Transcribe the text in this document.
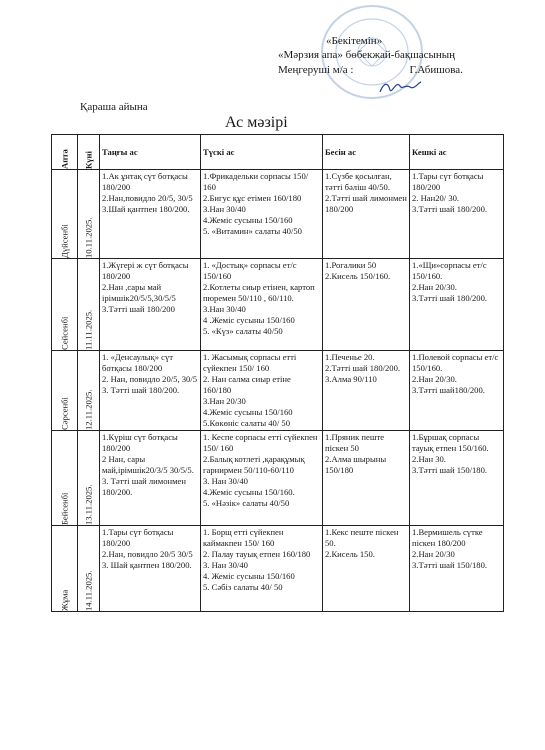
«Бекітемін»
«Мәрзия апа» бөбекжай-бақшасының
Меңгеруші м/а :	Г.Абишова.
Қараша айына
Ас мәзірі
Апта	Күні	Таңғы ас	Түскі ас	Бесін ас	Кешкі ас
Дүйсенбі	10.11.2025.	1.Ак ұнтақ сүт ботқасы 180/200
2.Нан,повидло 20/5, 30/5
3.Шай қантпен 180/200.	1.Фрикадельки сорпасы 150/ 160
2.Бигус құс етімен 160/180
3.Нан 30/40
4.Жеміс сусыны 150/160
5. «Витамин» салаты 40/50	1.Сүзбе қосылған, тәтті бәліш 40/50.
2.Тәтті шай лимонмен 180/200	1.Тары сүт ботқасы 180/200
2. Нан20/ 30.
3.Тәтті шай 180/200.

Сейсенбі	11.11.2025.	1.Жүгері ж сүт ботқасы 180/200
2.Нан ,сары май ірімшік20/5/5,30/5/5
3.Тәтті шай 180/200	1. «Достық» сорпасы ет/с 150/160
2.Котлеты сиыр етінен, картоп пюремен 50/110 , 60/110.
3.Нан 30/40
4 .Жеміс сусыны 150/160
5. «Күз» салаты 40/50	1.Рогалики 50
2.Кисель 150/160.	1.«Щи»сорпасы ет/с 150/160.
2.Нан 20/30.
3.Тәтті шай 180/200.

Сәрсенбі	12.11.2025.	1. «Денсаулық» сүт ботқасы 180/200
2. Нан, повидло 20/5, 30/5
3. Тәтті шай 180/200.	1. Жасымық сорпасы етті сүйекпен 150/ 160
2. Нан салма сиыр етіне 160/180
3.Нан 20/30
4.Жеміс сусыны 150/160
5.Көкөніс салаты 40/ 50	1.Печенье 20.
2.Тәтті шай 180/200.
3.Алма 90/110	1.Полевой сорпасы ет/с 150/160.
2.Нан 20/30.
3.Тәтті шай180/200.

Бейсенбі	13.11.2025.	1.Күріш сүт ботқасы 180/200
2 Нан, сары май,ірімшік20/3/5 30/5/5.
3. Тәтті шай лимонмен 180/200.	1. Кеспе сорпасы етті сүйекпен 150/ 160
2.Балық котлеті ,қарақұмық гарнирмен 50/110-60/110
3. Нан 30/40
4.Жеміс сусыны 150/160.
5. «Нәзік» салаты 40/50	1.Пряник пеште піскен 50
2.Алма шырыны 150/180	1.Бұршақ сорпасы тауық етпен 150/160.
2.Нан 30.
3.Тәтті шай 150/180.

Жұма	14.11.2025.	1.Тары сүт ботқасы 180/200
2.Нан, повидло 20/5 30/5
3. Шай қантпен 180/200.	1. Борщ етті сүйекпен каймакпен 150/ 160
2. Палау тауық етпен 160/180
3. Нан 30/40
4. Жеміс сусыны 150/160
5. Сәбіз салаты 40/ 50	1.Кекс пеште піскен 50.
2.Кисель 150.	1.Вермишель сүтке піскен 180/200
2.Нан 20/30
3.Тәтті шай 150/180.
